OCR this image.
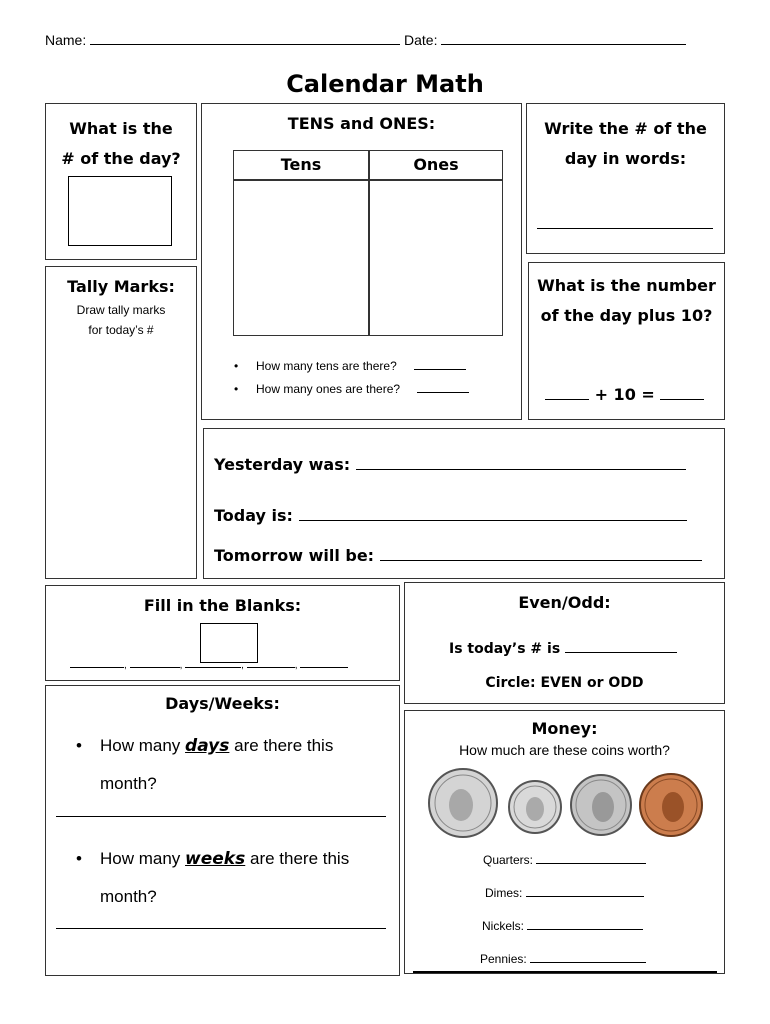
Name:	Date:
Calendar Math
What is the
# of the day?
TENS and ONES:
Tens	Ones
• How many tens are there?
• How many ones are there?
Write the # of the
day in words:
Tally Marks:
Draw tally marks
for today’s #
What is the number
of the day plus 10?
+ 10 =
Yesterday was:
Today is:
Tomorrow will be:
Fill in the Blanks:
,	,	,	,
Even/Odd:
Is today’s # is
Circle: EVEN or ODD
Days/Weeks:
• How many days are there this
month?
• How many weeks are there this
month?
Money:
How much are these coins worth?
Quarters:
Dimes:
Nickels:
Pennies:
